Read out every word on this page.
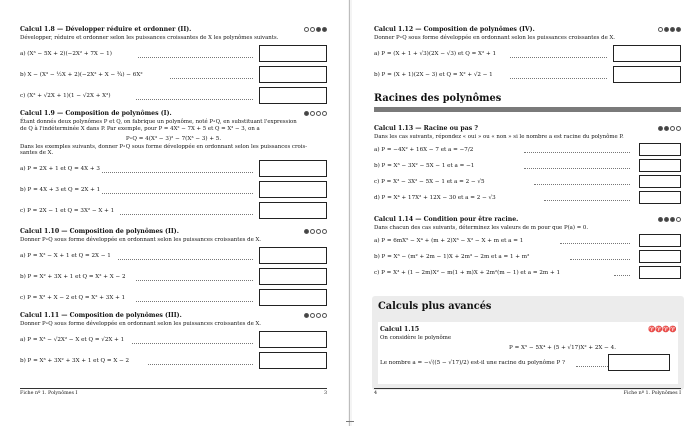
Calcul 1.8 — Développer réduire et ordonner (II).
Développer, réduire et ordonner selon les puissances croissantes de X les polynômes suivants.
a) (X³ − 5X + 2)(−2X² + 7X − 1)
b) X − (X³ − ½X + 2)(−2X² + X − ¾) − 6X²
c) (X² + √2X + 1)(1 − √2X + X²)
Calcul 1.9 — Composition de polynômes (I).
Étant donnés deux polynômes P et Q, on fabrique un polynôme, noté P∘Q, en substituant l'expression
de Q à l'indéterminée X dans P. Par exemple, pour P = 4X² − 7X + 5 et Q = X³ − 3, on a
P∘Q = 4(X³ − 3)² − 7(X³ − 3) + 5.
Dans les exemples suivants, donner P∘Q sous forme développée en ordonnant selon les puissances crois-
santes de X.
a) P = 2X + 1 et Q = 4X + 3
b) P = 4X + 3 et Q = 2X + 1
c) P = 2X − 1 et Q = 3X² − X + 1
Calcul 1.10 — Composition de polynômes (II).
Donner P∘Q sous forme développée en ordonnant selon les puissances croissantes de X.
a) P = X² − X + 1 et Q = 2X − 1
b) P = X² + 3X + 1 et Q = X² + X − 2
c) P = X² + X − 2 et Q = X² + 3X + 1
Calcul 1.11 — Composition de polynômes (III).
Donner P∘Q sous forme développée en ordonnant selon les puissances croissantes de X.
a) P = X³ − √2X² − X et Q = √2X + 1
b) P = X³ + 3X² + 3X + 1 et Q = X − 2
Fiche nº 1. Polynômes I	3
Calcul 1.12 — Composition de polynômes (IV).
Donner P∘Q sous forme développée en ordonnant selon les puissances croissantes de X.
a) P = (X + 1 + √3)(2X − √3) et Q = X² + 1
b) P = (X + 1)(2X − 3) et Q = X² + √2 − 1
Racines des polynômes
Calcul 1.13 — Racine ou pas ?
Dans les cas suivants, répondez « oui » ou « non » si le nombre a est racine du polynôme P.
a) P = −4X² + 16X − 7 et a = −7/2
b) P = X³ − 3X² − 5X − 1 et a = −1
c) P = X³ − 3X² − 5X − 1 et a = 2 − √5
d) P = X⁴ + 17X² + 12X − 30 et a = 2 − √3
Calcul 1.14 — Condition pour être racine.
Dans chacun des cas suivants, déterminez les valeurs de m pour que P(a) = 0.
a) P = 6mX⁵ − X⁴ + (m + 2)X³ − X² − X + m et a = 1
b) P = X³ − (m² + 2m − 1)X + 2m³ − 2m et a = 1 + m²
c) P = X³ + (1 − 2m)X² − m(1 + m)X + 2m²(m − 1) et a = 2m + 1
Calculs plus avancés
Calcul 1.15	♈♈♈♈
On considère le polynôme
P = X⁵ − 5X⁴ + (5 + √17)X² + 2X − 4.
Le nombre a = −√((5 − √17)/2) est-il une racine du polynôme P ?
4	Fiche nº 1. Polynômes I
